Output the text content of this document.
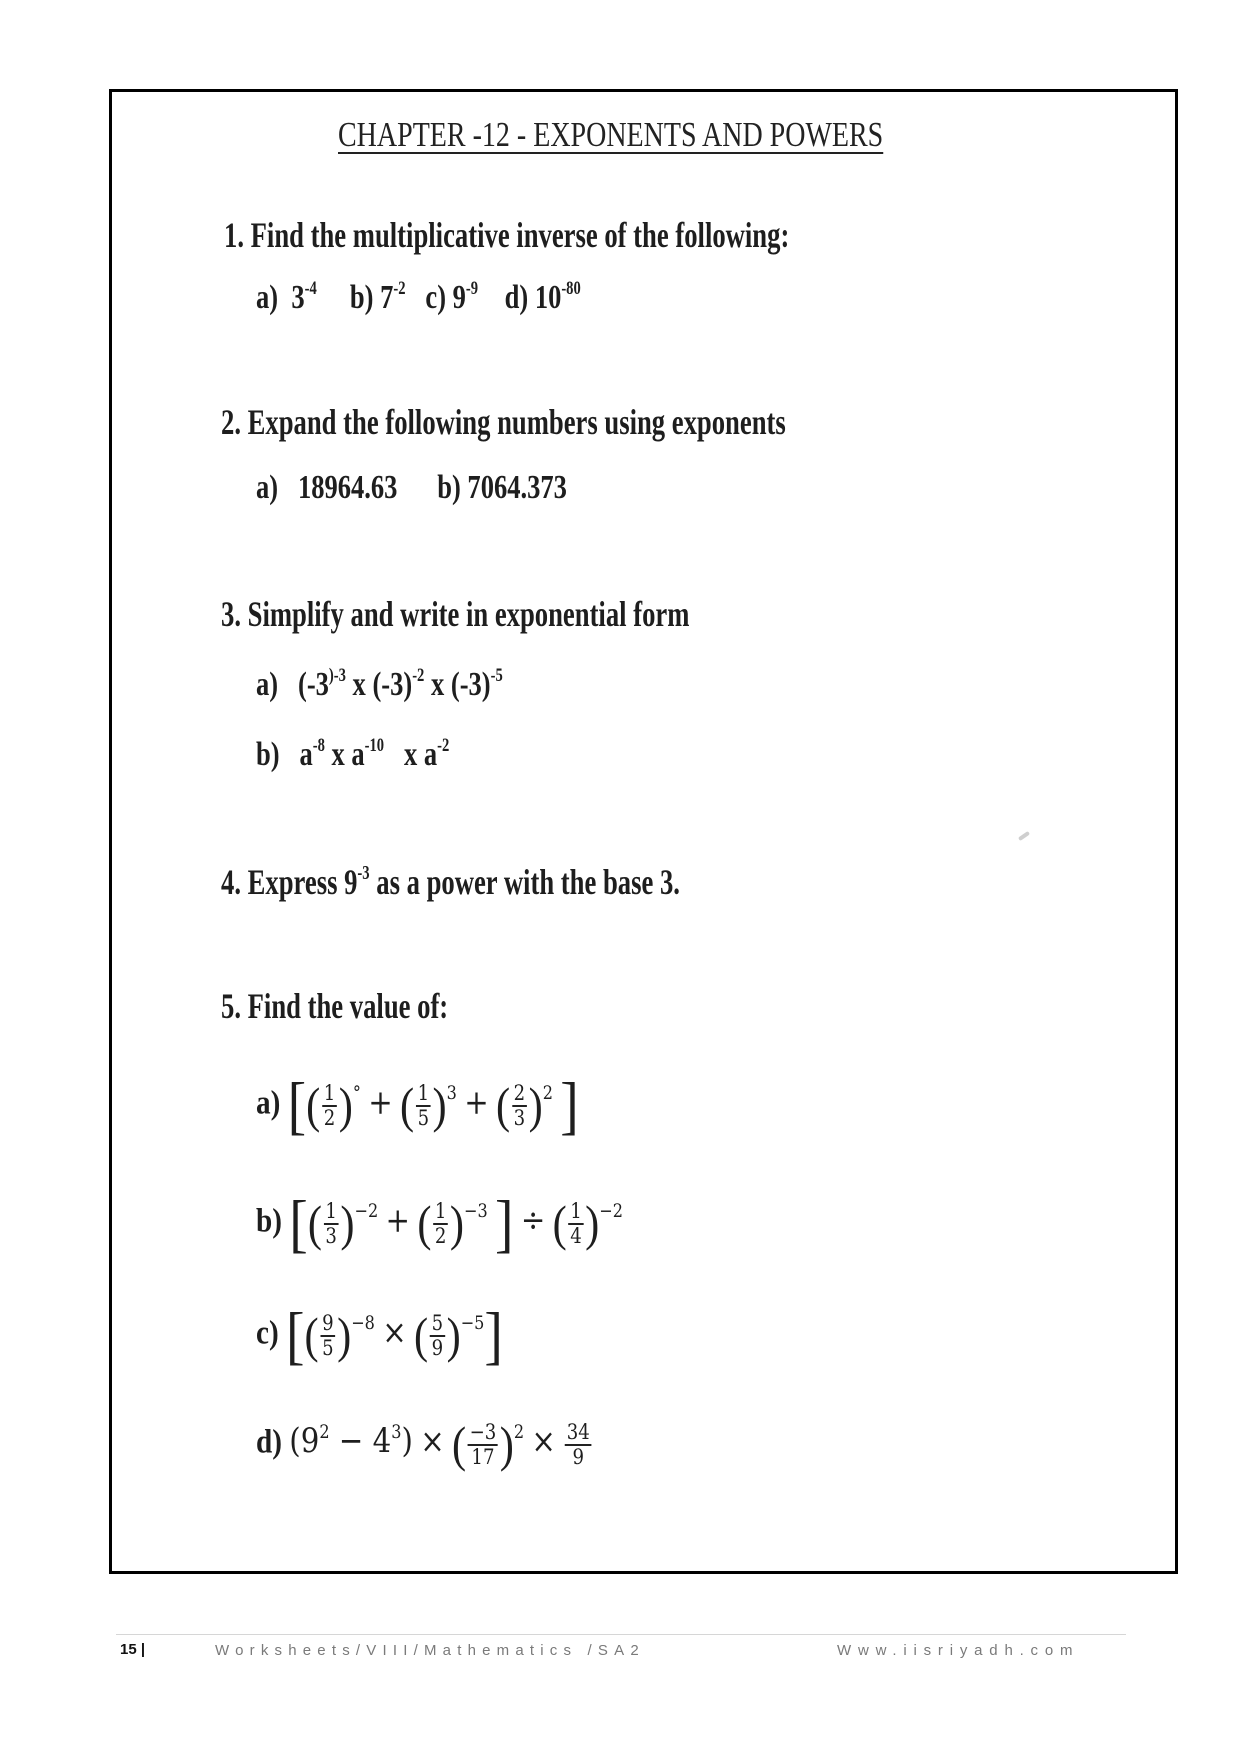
CHAPTER -12 - EXPONENTS AND POWERS
1. Find the multiplicative inverse of the following:
a) $3^{-4}$ b) $7^{-2}$ c) $9^{-9}$ d) $10^{-80}$
2. Expand the following numbers using exponents
a) 18964.63 b) 7064.373
3. Simplify and write in exponential form
a) ($-3^{)-3}$ x $(-3)^{-2}$ x $(-3)^{-5}$
b) $a^{-8}$ x $a^{-10}$ x $a^{-2}$
4. Express $9^{-3}$ as a power with the base 3.
5. Find the value of:
a) [( $\frac{1}{2} )^\circ$ + ( $\frac{1}{5} )^3$ + ( $\frac{2}{3} )^2$ ]
b) [( $\frac{1}{3} )^{-2}$ + ( $\frac{1}{2} )^{-3}$ ] ÷ ( $\frac{1}{4} )^{-2}$
c) [( $\frac{9}{5} )^{-8}$ × ( $\frac{5}{9} )^{-5}$]
d) $(9^2 - 4^3)$ × ( $\frac{-3}{17} )^2 \times \frac{34}{9}$
15 |	Worksheets/VIII/Mathematics /SA2	Www.iisriyadh.com
